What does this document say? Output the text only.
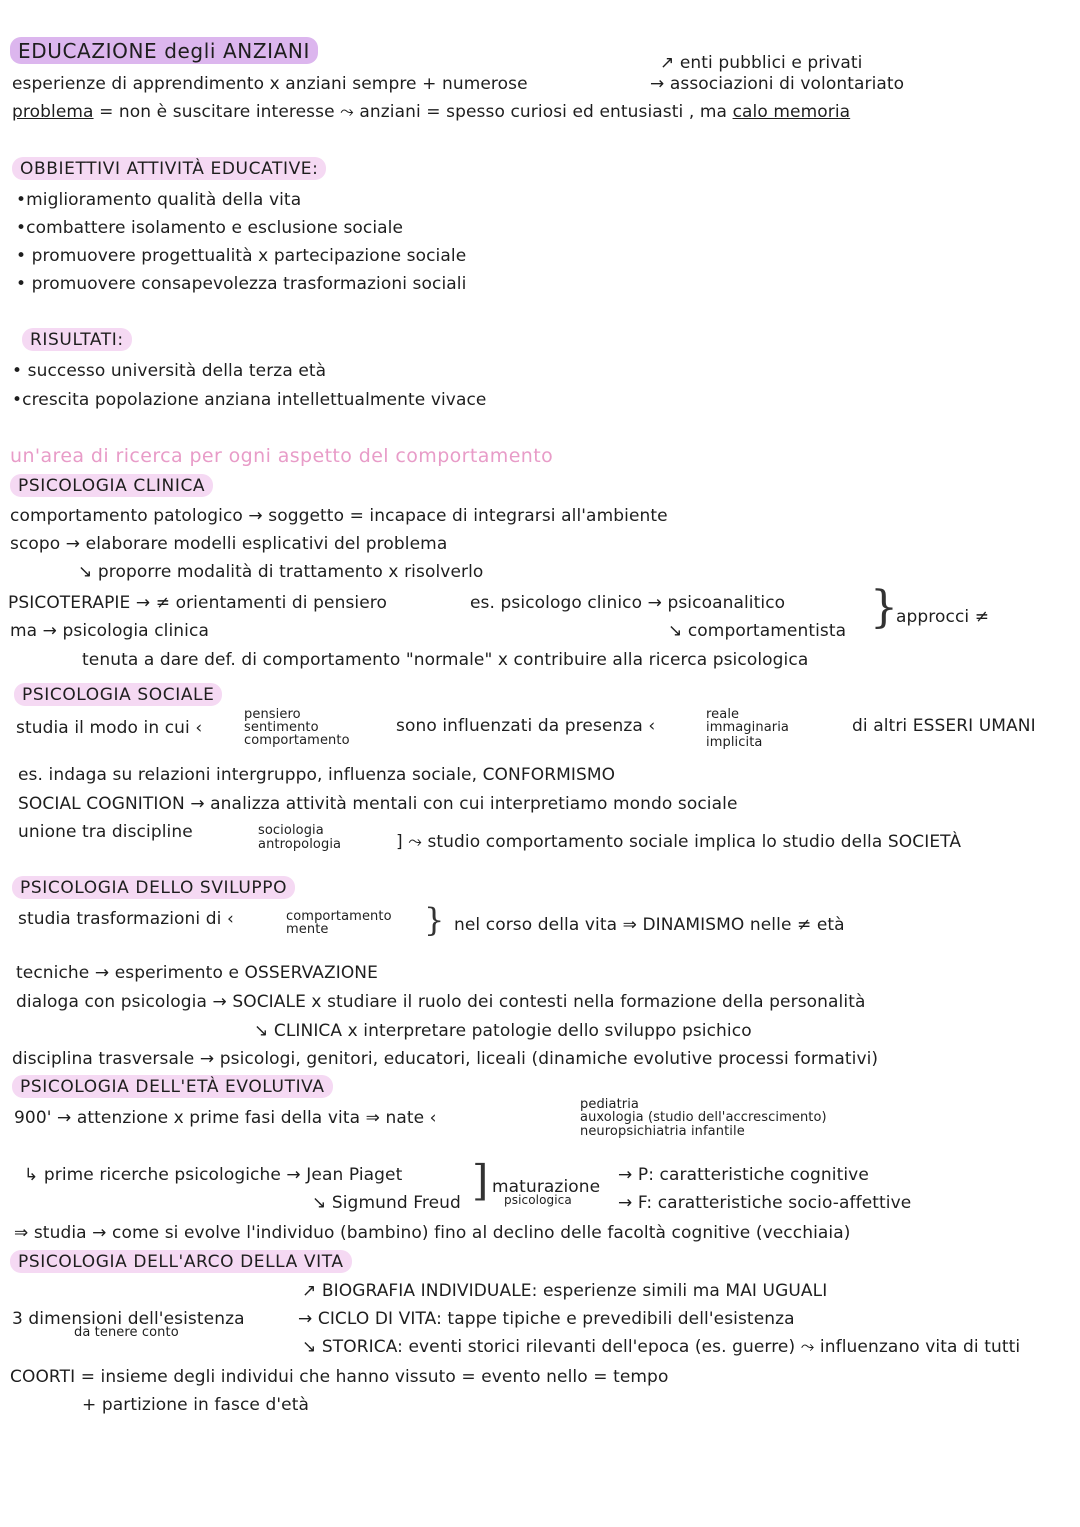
EDUCAZIONE degli ANZIANI	↗ enti pubblici e privati
esperienze di apprendimento x anziani sempre + numerose	→ associazioni di volontariato
problema = non è suscitare interesse ⤳ anziani = spesso curiosi ed entusiasti , ma calo memoria
OBBIETTIVI ATTIVITÀ EDUCATIVE:
•miglioramento qualità della vita
•combattere isolamento e esclusione sociale
• promuovere progettualità x partecipazione sociale
• promuovere consapevolezza trasformazioni sociali
RISULTATI:
• successo università della terza età
•crescita popolazione anziana intellettualmente vivace
un'area di ricerca per ogni aspetto del comportamento
PSICOLOGIA CLINICA
comportamento patologico → soggetto = incapace di integrarsi all'ambiente
scopo → elaborare modelli esplicativi del problema
↘ proporre modalità di trattamento x risolverlo
PSICOTERAPIE → ≠ orientamenti di pensiero	es. psicologo clinico → psicoanalitico
ma → psicologia clinica	↘ comportamentista }
approcci ≠
tenuta a dare def. di comportamento "normale" x contribuire alla ricerca psicologica
PSICOLOGIA SOCIALE
studia il modo in cui ‹
pensiero
sentimento
comportamento
sono influenzati da presenza ‹
reale
immaginaria
implicita
di altri ESSERI UMANI
es. indaga su relazioni intergruppo, influenza sociale, CONFORMISMO
SOCIAL COGNITION → analizza attività mentali con cui interpretiamo mondo sociale
unione tra discipline	sociologia
antropologia	] ⤳ studio comportamento sociale implica lo studio della SOCIETÀ
PSICOLOGIA DELLO SVILUPPO
studia trasformazioni di ‹	comportamento
mente	} nel corso della vita ⇒ DINAMISMO nelle ≠ età
tecniche → esperimento e OSSERVAZIONE
dialoga con psicologia → SOCIALE x studiare il ruolo dei contesti nella formazione della personalità
↘ CLINICA x interpretare patologie dello sviluppo psichico
disciplina trasversale → psicologi, genitori, educatori, liceali (dinamiche evolutive processi formativi)
PSICOLOGIA DELL'ETÀ EVOLUTIVA
900' → attenzione x prime fasi della vita ⇒ nate ‹
pediatria
auxologia (studio dell'accrescimento)
neuropsichiatria infantile
↳ prime ricerche psicologiche → Jean Piaget
↘ Sigmund Freud ] maturazione
psicologica
→ P: caratteristiche cognitive
→ F: caratteristiche socio-affettive
⇒ studia → come si evolve l'individuo (bambino) fino al declino delle facoltà cognitive (vecchiaia)
PSICOLOGIA DELL'ARCO DELLA VITA
↗ BIOGRAFIA INDIVIDUALE: esperienze simili ma MAI UGUALI
3 dimensioni dell'esistenza	→ CICLO DI VITA: tappe tipiche e prevedibili dell'esistenza
da tenere conto
↘ STORICA: eventi storici rilevanti dell'epoca (es. guerre) ⤳ influenzano vita di tutti
COORTI = insieme degli individui che hanno vissuto = evento nello = tempo
+ partizione in fasce d'età
